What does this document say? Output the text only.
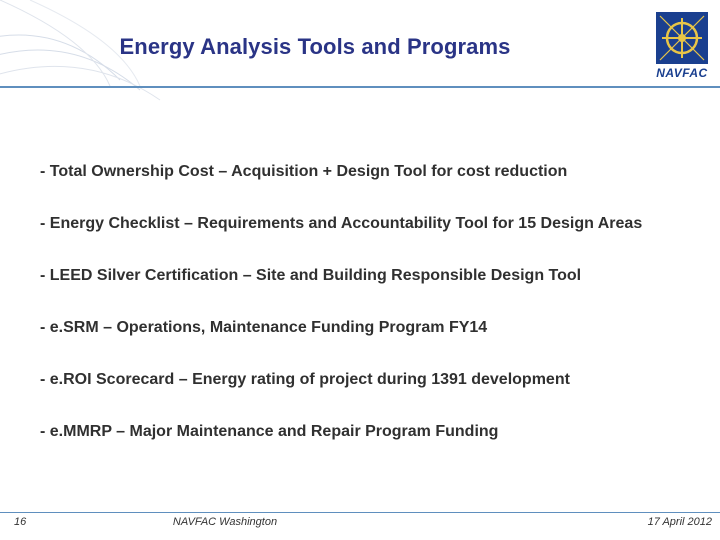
Energy Analysis Tools and Programs
NAVFAC
- Total Ownership Cost – Acquisition + Design Tool for cost reduction
- Energy Checklist – Requirements and Accountability Tool for 15 Design Areas
- LEED Silver Certification – Site and Building Responsible Design Tool
- e.SRM – Operations, Maintenance Funding Program FY14
- e.ROI Scorecard – Energy rating of project during 1391 development
- e.MMRP – Major Maintenance and Repair Program Funding
16	NAVFAC Washington	17 April 2012
